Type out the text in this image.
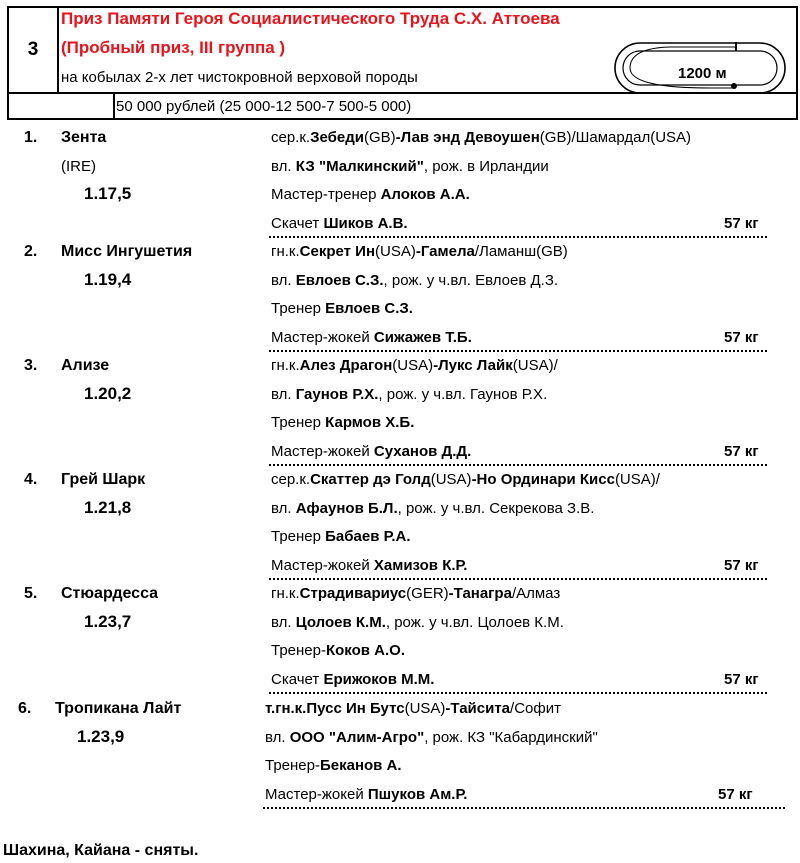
3
Приз Памяти Героя Социалистического Труда С.Х. Аттоева
(Пробный приз, III группа )
на кобылах 2-х лет чистокровной верховой породы
50 000 рублей (25 000-12 500-7 500-5 000)
1200 м
1. Зента
(IRE)
1.17,5
сер.к.Зебеди(GB)-Лав энд Девоушен(GB)/Шамардал(USA)
вл. КЗ "Малкинский", рож. в Ирландии
Мастер-тренер Алоков А.А.
Скачет Шиков А.В.	57 кг
2. Мисс Ингушетия
1.19,4
гн.к.Секрет Ин(USA)-Гамела/Ламанш(GB)
вл. Евлоев С.З., рож. у ч.вл. Евлоев Д.З.
Тренер Евлоев С.З.
Мастер-жокей Сижажев Т.Б.	57 кг
3. Ализе
1.20,2
гн.к.Алез Драгон(USA)-Лукс Лайк(USA)/
вл. Гаунов Р.Х., рож. у ч.вл. Гаунов Р.Х.
Тренер Кармов Х.Б.
Мастер-жокей Суханов Д.Д.	57 кг
4. Грей Шарк
1.21,8
сер.к.Скаттер дэ Голд(USA)-Но Ординари Кисс(USA)/
вл. Афаунов Б.Л., рож. у ч.вл. Секрекова З.В.
Тренер Бабаев Р.А.
Мастер-жокей Хамизов К.Р.	57 кг
5. Стюардесса
1.23,7
гн.к.Страдивариус(GER)-Танагра/Алмаз
вл. Цолоев К.М., рож. у ч.вл. Цолоев К.М.
Тренер-Коков А.О.
Скачет Ерижоков М.М.	57 кг
6. Тропикана Лайт
1.23,9
т.гн.к.Пусс Ин Бутс(USA)-Тайсита/Софит
вл. ООО "Алим-Агро", рож. КЗ "Кабардинский"
Тренер-Беканов А.
Мастер-жокей Пшуков Ам.Р.	57 кг
Шахина, Кайана - сняты.
